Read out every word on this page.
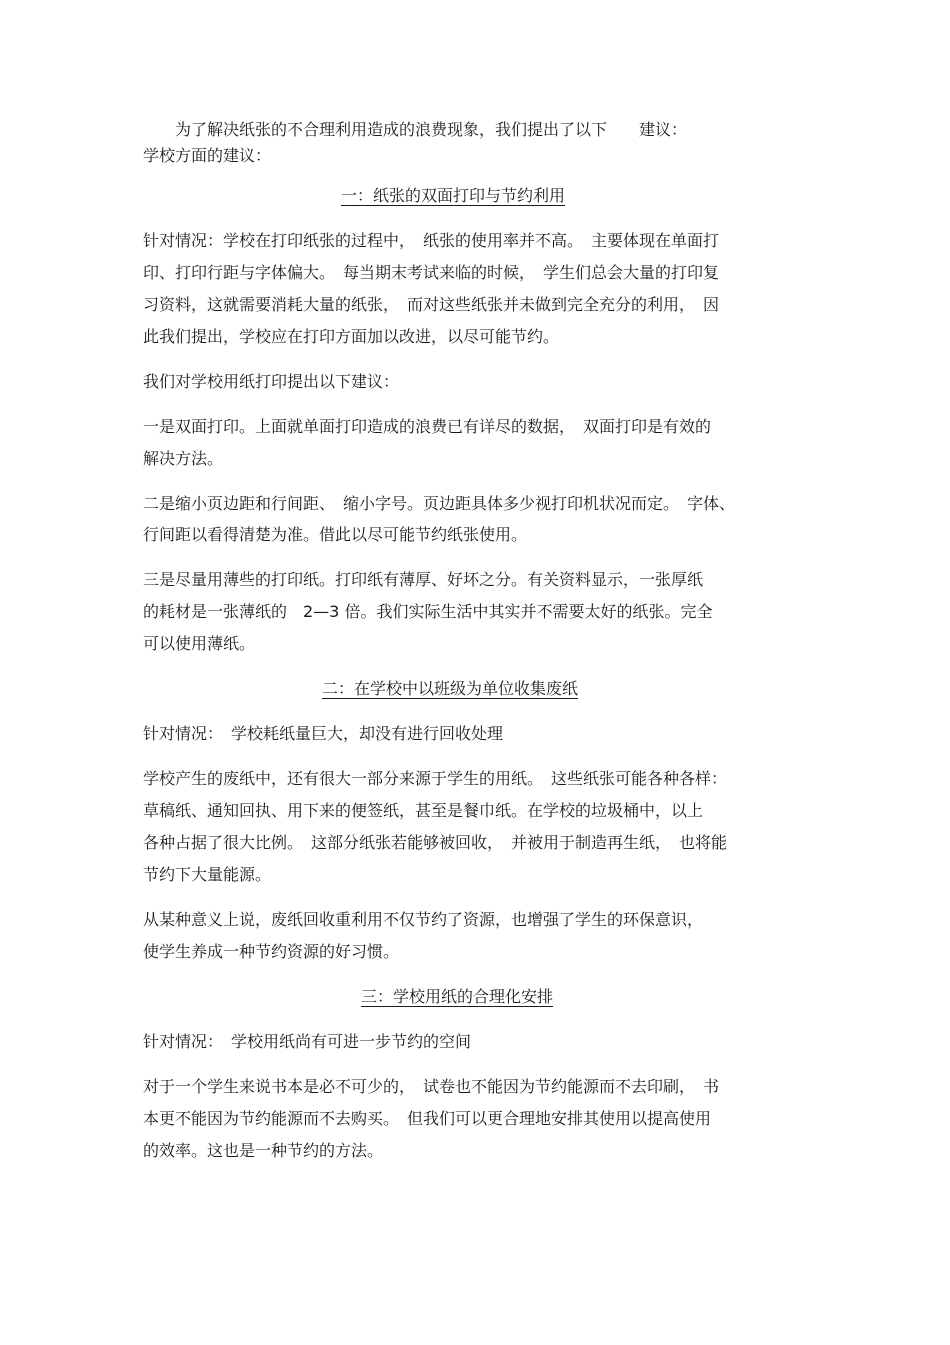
　　为了解决纸张的不合理利用造成的浪费现象，我们提出了以下　　建议：
学校方面的建议：
一：纸张的双面打印与节约利用
针对情况：学校在打印纸张的过程中，　纸张的使用率并不高。　主要体现在单面打
印、打印行距与字体偏大。　每当期末考试来临的时候，　学生们总会大量的打印复
习资料，这就需要消耗大量的纸张，　而对这些纸张并未做到完全充分的利用，　因
此我们提出，学校应在打印方面加以改进，以尽可能节约。
我们对学校用纸打印提出以下建议：
一是双面打印。上面就单面打印造成的浪费已有详尽的数据，　双面打印是有效的
解决方法。
二是缩小页边距和行间距、　缩小字号。页边距具体多少视打印机状况而定。　字体、
行间距以看得清楚为准。借此以尽可能节约纸张使用。
三是尽量用薄些的打印纸。打印纸有薄厚、好坏之分。有关资料显示，一张厚纸
的耗材是一张薄纸的　2—3 倍。我们实际生活中其实并不需要太好的纸张。完全
可以使用薄纸。
二：在学校中以班级为单位收集废纸
针对情况：　学校耗纸量巨大，却没有进行回收处理
学校产生的废纸中，还有很大一部分来源于学生的用纸。　这些纸张可能各种各样：
草稿纸、通知回执、用下来的便签纸，甚至是餐巾纸。在学校的垃圾桶中，以上
各种占据了很大比例。　这部分纸张若能够被回收，　并被用于制造再生纸，　也将能
节约下大量能源。
从某种意义上说，废纸回收重利用不仅节约了资源，也增强了学生的环保意识，
使学生养成一种节约资源的好习惯。
三：学校用纸的合理化安排
针对情况：　学校用纸尚有可进一步节约的空间
对于一个学生来说书本是必不可少的，　试卷也不能因为节约能源而不去印刷，　书
本更不能因为节约能源而不去购买。　但我们可以更合理地安排其使用以提高使用
的效率。这也是一种节约的方法。
